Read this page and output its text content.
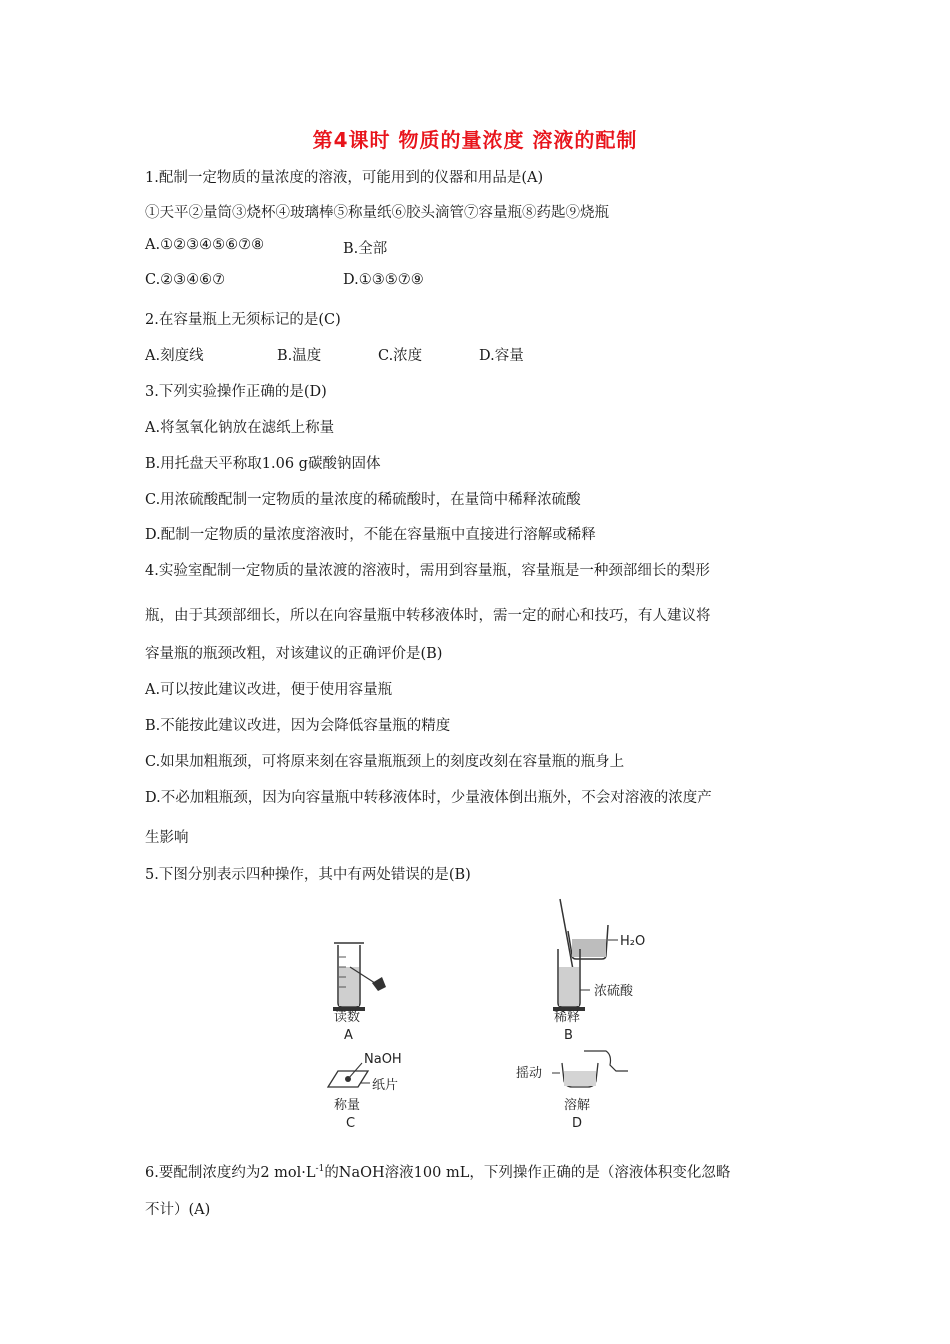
第4课时 物质的量浓度 溶液的配制
1.配制一定物质的量浓度的溶液，可能用到的仪器和用品是(A)
①天平②量筒③烧杯④玻璃棒⑤称量纸⑥胶头滴管⑦容量瓶⑧药匙⑨烧瓶
A.①②③④⑤⑥⑦⑧	B.全部
C.②③④⑥⑦	D.①③⑤⑦⑨
2.在容量瓶上无须标记的是(C)
A.刻度线	B.温度	C.浓度	D.容量
3.下列实验操作正确的是(D)
A.将氢氧化钠放在滤纸上称量
B.用托盘天平称取1.06 g碳酸钠固体
C.用浓硫酸配制一定物质的量浓度的稀硫酸时，在量筒中稀释浓硫酸
D.配制一定物质的量浓度溶液时，不能在容量瓶中直接进行溶解或稀释
4.实验室配制一定物质的量浓渡的溶液时，需用到容量瓶，容量瓶是一种颈部细长的梨形
瓶，由于其颈部细长，所以在向容量瓶中转移液体时，需一定的耐心和技巧，有人建议将
容量瓶的瓶颈改粗，对该建议的正确评价是(B)
A.可以按此建议改进，便于使用容量瓶
B.不能按此建议改进，因为会降低容量瓶的精度
C.如果加粗瓶颈，可将原来刻在容量瓶瓶颈上的刻度改刻在容量瓶的瓶身上
D.不必加粗瓶颈，因为向容量瓶中转移液体时，少量液体倒出瓶外，不会对溶液的浓度产
生影响
5.下图分别表示四种操作，其中有两处错误的是(B)
读数
A
H₂O
浓硫酸
稀释
B
NaOH
纸片
称量
C
摇动
溶解
D
6.要配制浓度约为2 $mol\cdot L^{-1}$的NaOH溶液100 mL，下列操作正确的是（溶液体积变化忽略
不计）(A)
